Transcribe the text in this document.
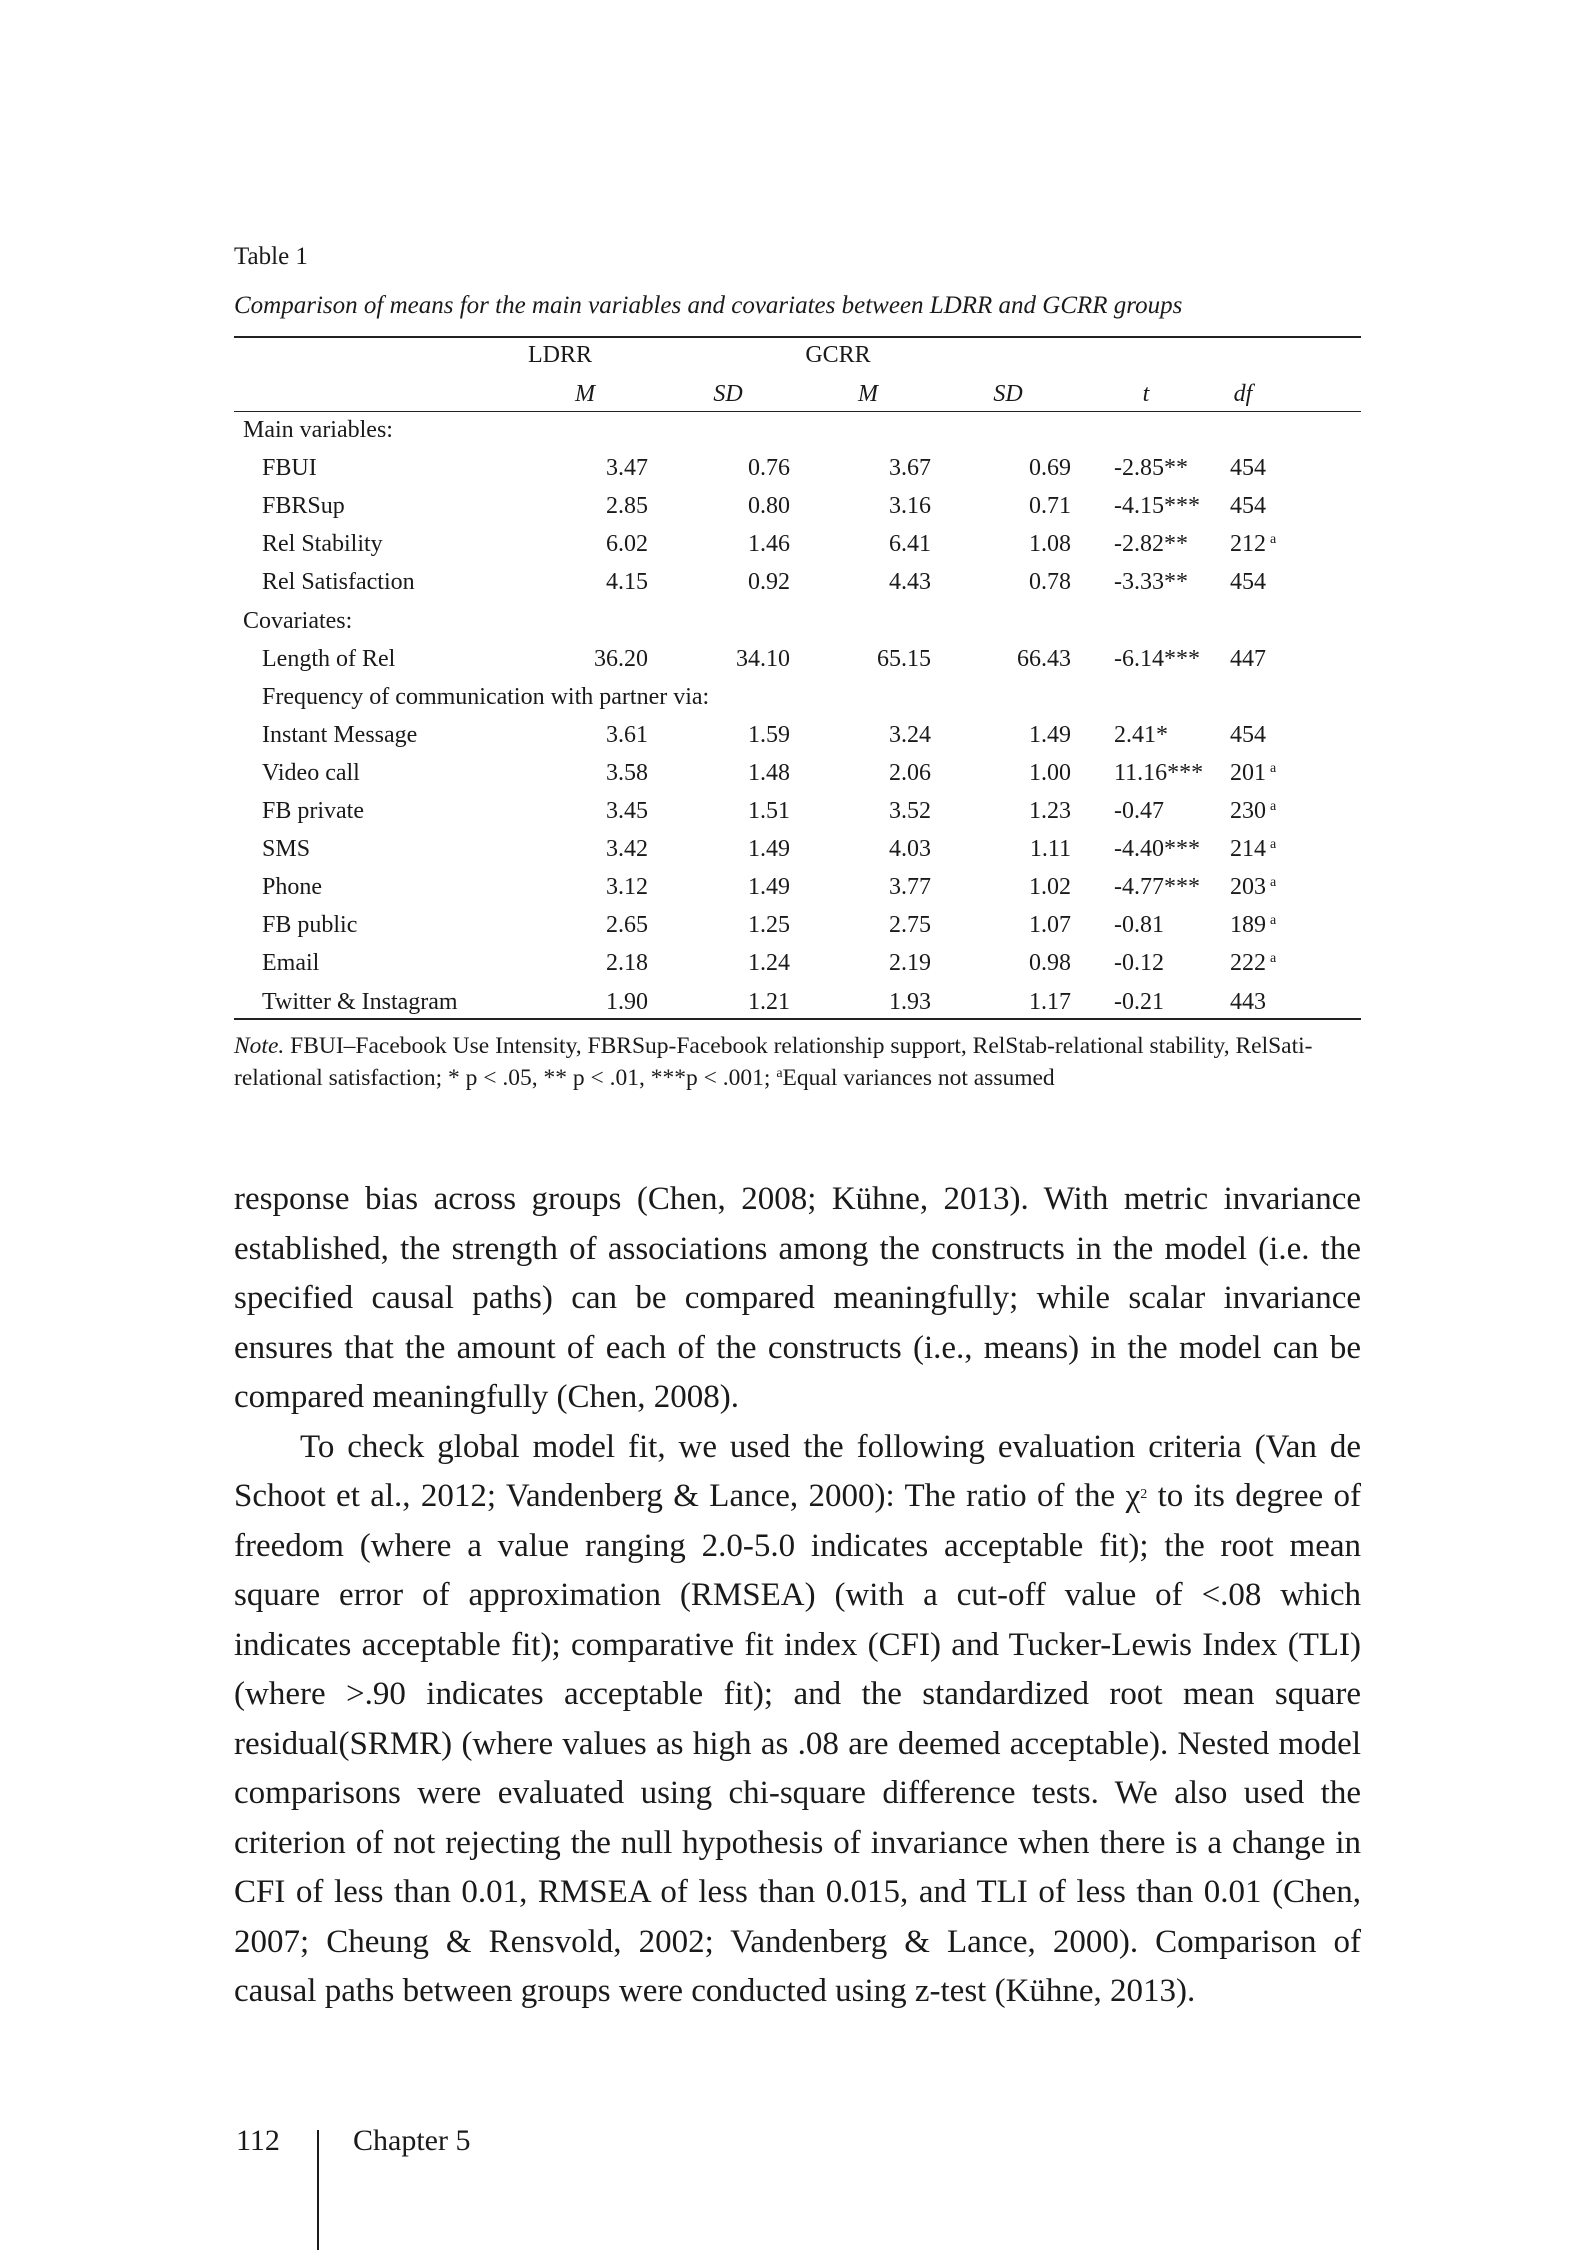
Table 1
Comparison of means for the main variables and covariates between LDRR and GCRR groups
LDRR	GCRR
M	SD	M	SD	t	df
Main variables:
FBUI	3.47	0.76	3.67	0.69 -2.85** 454
FBRSup	2.85	0.80	3.16	0.71 -4.15*** 454
Rel Stability	6.02	1.46	6.41	1.08 -2.82** 212 $^a$
Rel Satisfaction	4.15	0.92	4.43	0.78 -3.33** 454
Covariates:
Length of Rel	36.20	34.10	65.15	66.43 -6.14*** 447
Frequency of communication with partner via:
Instant Message	3.61	1.59	3.24	1.49 2.41*	454
Video call	3.58	1.48	2.06	1.00 11.16*** 201 $^a$
FB private	3.45	1.51	3.52	1.23 -0.47	230 $^a$
SMS	3.42	1.49	4.03	1.11 -4.40*** 214 $^a$
Phone	3.12	1.49	3.77	1.02 -4.77*** 203 $^a$
FB public	2.65	1.25	2.75	1.07 -0.81	189 $^a$
Email	2.18	1.24	2.19	0.98 -0.12	222 $^a$
Twitter & Instagram	1.90	1.21	1.93	1.17 -0.21	443
Note. FBUI–Facebook Use Intensity, FBRSup-Facebook relationship support, RelStab-relational stability, RelSati- relational satisfaction; * p < .05, ** p < .01, ***p < .001; $^a$Equal variances not assumed

response bias across groups (Chen, 2008; Kühne, 2013). With metric invariance established, the strength of associations among the constructs in the model (i.e. the specified causal paths) can be compared meaningfully; while scalar invariance ensures that the amount of each of the constructs (i.e., means) in the model can be compared meaningfully (Chen, 2008).

To check global model fit, we used the following evaluation criteria (Van de Schoot et al., 2012; Vandenberg & Lance, 2000): The ratio of the $\chi^2$ to its degree of freedom (where a value ranging 2.0-5.0 indicates acceptable fit); the root mean square error of approximation (RMSEA) (with a cut-off value of <.08 which indicates acceptable fit); comparative fit index (CFI) and Tucker-Lewis Index (TLI) (where >.90 indicates acceptable fit); and the standardized root mean square residual(SRMR) (where values as high as .08 are deemed acceptable). Nested model comparisons were evaluated using chi-square difference tests. We also used the criterion of not rejecting the null hypothesis of invariance when there is a change in CFI of less than 0.01, RMSEA of less than 0.015, and TLI of less than 0.01 (Chen, 2007; Cheung & Rensvold, 2002; Vandenberg & Lance, 2000). Comparison of causal paths between groups were conducted using z-test (Kühne, 2013).

112 Chapter 5
